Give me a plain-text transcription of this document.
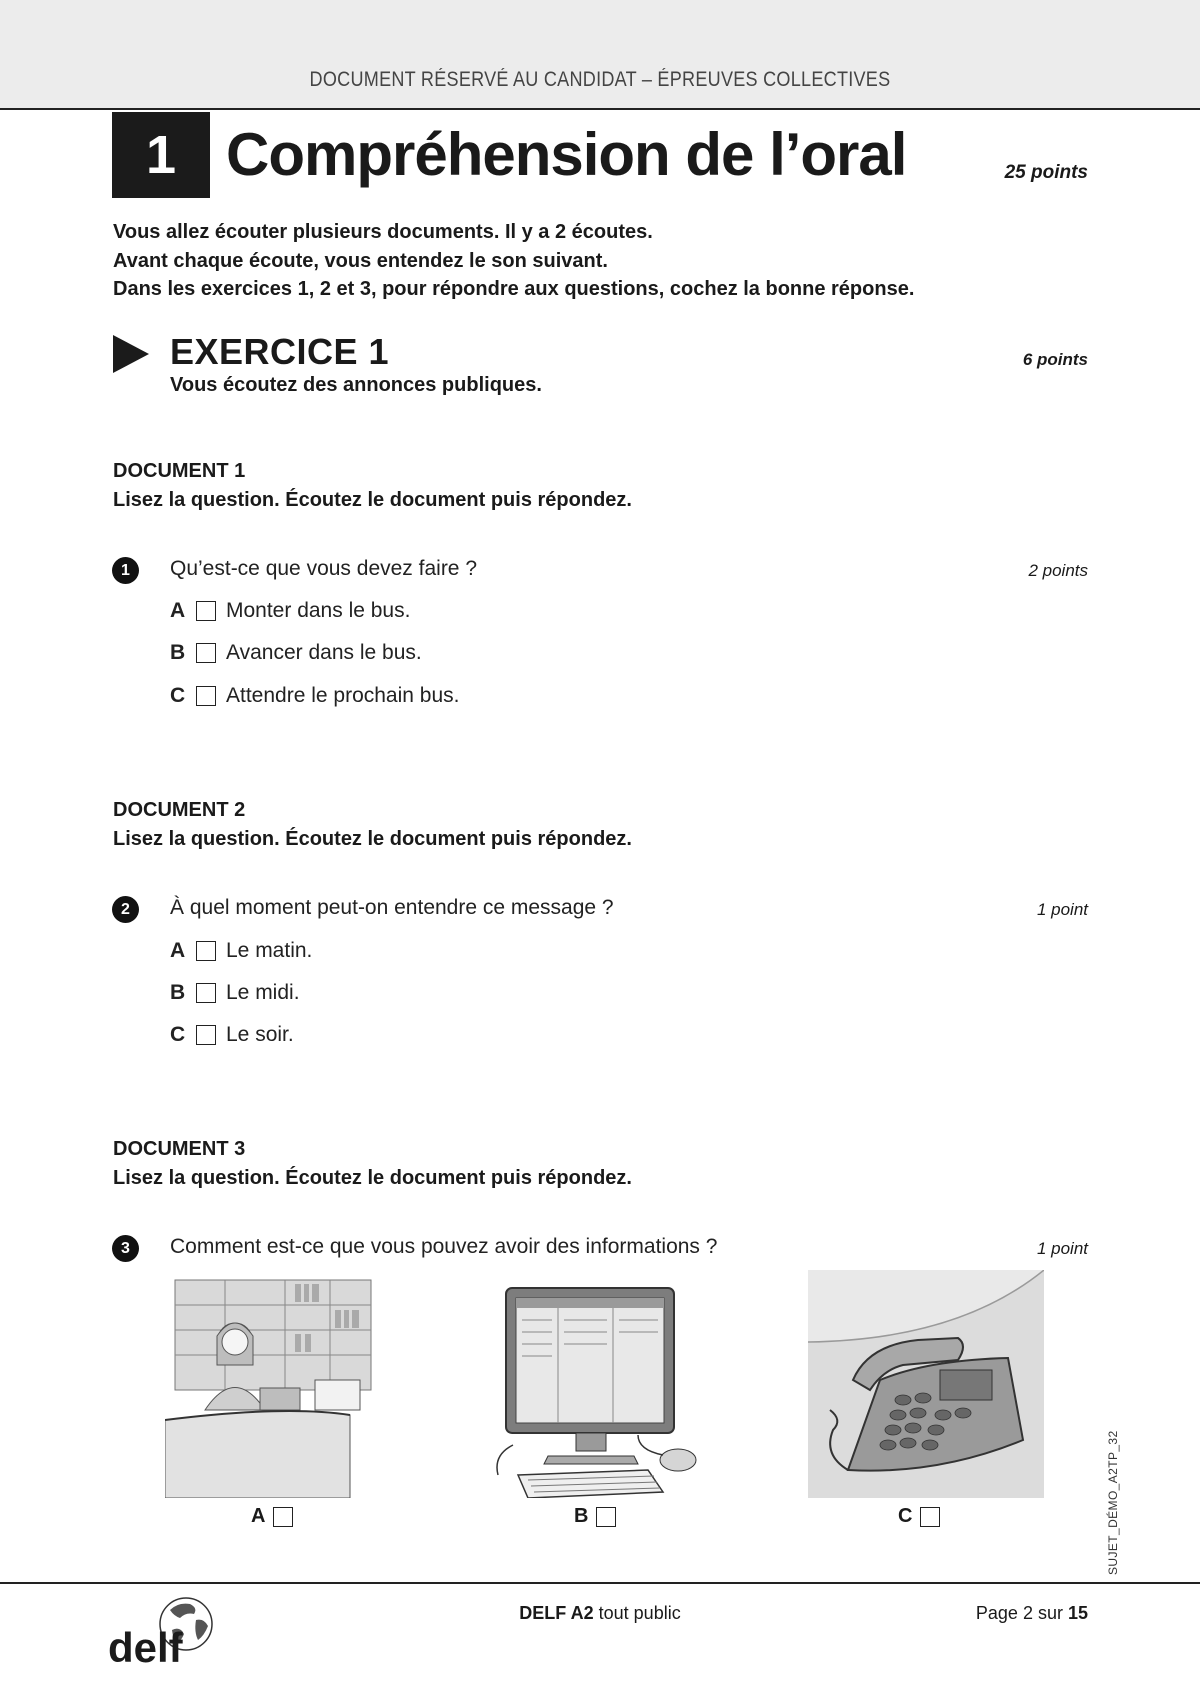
DOCUMENT RÉSERVÉ AU CANDIDAT – ÉPREUVES COLLECTIVES
1 Compréhension de l’oral	25 points
Vous allez écouter plusieurs documents. Il y a 2 écoutes.
Avant chaque écoute, vous entendez le son suivant.
Dans les exercices 1, 2 et 3, pour répondre aux questions, cochez la bonne réponse.
EXERCICE 1	6 points
Vous écoutez des annonces publiques.
DOCUMENT 1
Lisez la question. Écoutez le document puis répondez.
1	Qu’est-ce que vous devez faire ?	2 points
A	Monter dans le bus.
B	Avancer dans le bus.
C	Attendre le prochain bus.
DOCUMENT 2
Lisez la question. Écoutez le document puis répondez.
2	À quel moment peut-on entendre ce message ?	1 point
A	Le matin.
B	Le midi.
C	Le soir.
DOCUMENT 3
Lisez la question. Écoutez le document puis répondez.
3	Comment est-ce que vous pouvez avoir des informations ?	1 point
A	B	C	SUJET_DÉMO_A2TP_32
delf
DELF A2 tout public	Page 2 sur 15
